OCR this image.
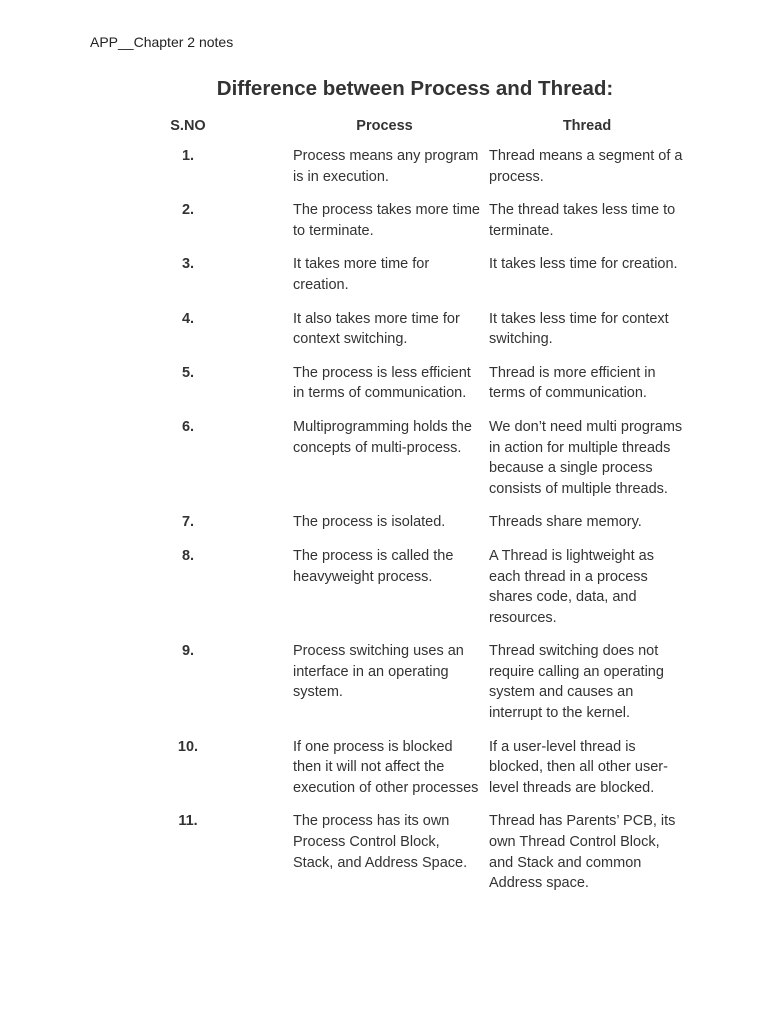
APP__Chapter 2 notes
Difference between Process and Thread:
S.NO	Process	Thread
1.	Process means any program is in execution.	Thread means a segment of a process.
2.	The process takes more time to terminate.	The thread takes less time to terminate.
3.	It takes more time for creation.	It takes less time for creation.
4.	It also takes more time for context switching.	It takes less time for context switching.
5.	The process is less efficient in terms of communication.	Thread is more efficient in terms of communication.
6.	Multiprogramming holds the concepts of multi-process.	We don’t need multi programs in action for multiple threads because a single process consists of multiple threads.
7.	The process is isolated.	Threads share memory.
8.	The process is called the heavyweight process.	A Thread is lightweight as each thread in a process shares code, data, and resources.
9.	Process switching uses an interface in an operating system.	Thread switching does not require calling an operating system and causes an interrupt to the kernel.
10.	If one process is blocked then it will not affect the execution of other processes	If a user-level thread is blocked, then all other user-level threads are blocked.
11.	The process has its own Process Control Block, Stack, and Address Space.	Thread has Parents’ PCB, its own Thread Control Block, and Stack and common Address space.
